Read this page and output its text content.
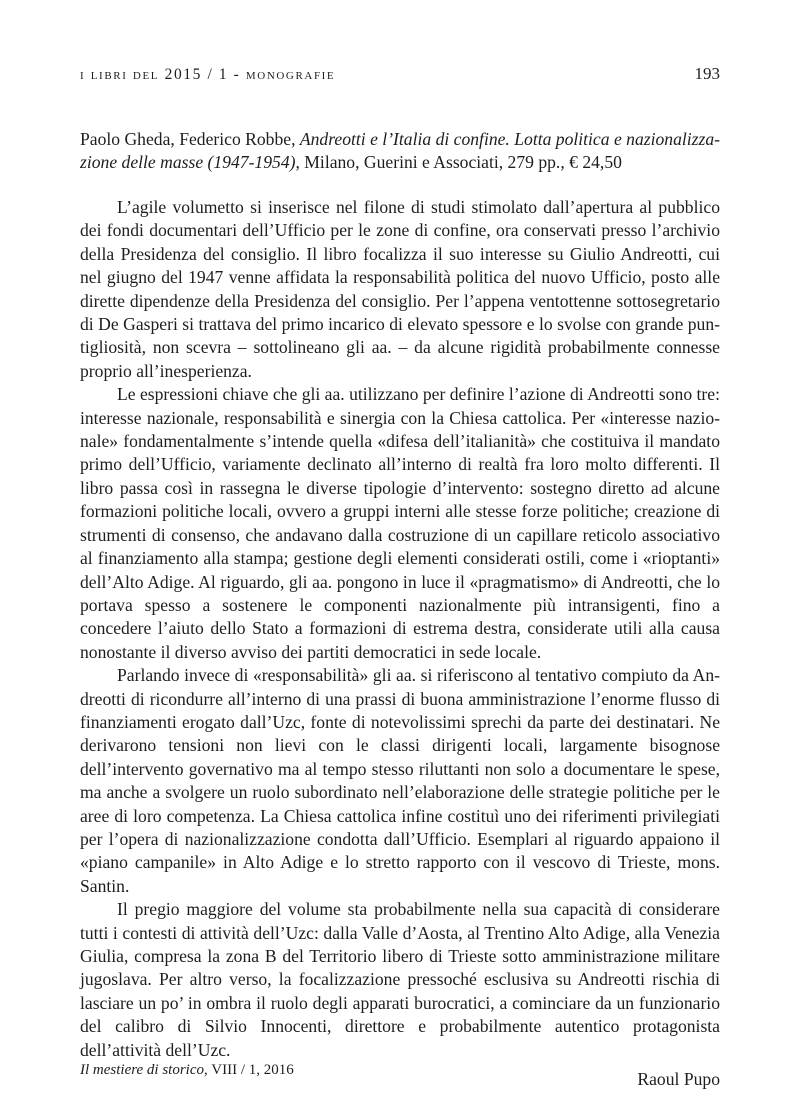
i libri del 2015 / 1 - monografie	193
Paolo Gheda, Federico Robbe, Andreotti e l’Italia di confine. Lotta politica e nazionalizzazione delle masse (1947-1954), Milano, Guerini e Associati, 279 pp., € 24,50

L’agile volumetto si inserisce nel filone di studi stimolato dall’apertura al pubblico dei fondi documentari dell’Ufficio per le zone di confine, ora conservati presso l’archivio della Presidenza del consiglio. Il libro focalizza il suo interesse su Giulio Andreotti, cui nel giugno del 1947 venne affidata la responsabilità politica del nuovo Ufficio, posto alle dirette dipendenze della Presidenza del consiglio. Per l’appena ventottenne sottosegretario di De Gasperi si trattava del primo incarico di elevato spessore e lo svolse con grande puntigliosità, non scevra – sottolineano gli aa. – da alcune rigidità probabilmente connesse proprio all’inesperienza.

Le espressioni chiave che gli aa. utilizzano per definire l’azione di Andreotti sono tre: interesse nazionale, responsabilità e sinergia con la Chiesa cattolica. Per «interesse nazionale» fondamentalmente s’intende quella «difesa dell’italianità» che costituiva il mandato primo dell’Ufficio, variamente declinato all’interno di realtà fra loro molto differenti. Il libro passa così in rassegna le diverse tipologie d’intervento: sostegno diretto ad alcune formazioni politiche locali, ovvero a gruppi interni alle stesse forze politiche; creazione di strumenti di consenso, che andavano dalla costruzione di un capillare reticolo associativo al finanziamento alla stampa; gestione degli elementi considerati ostili, come i «rioptanti» dell’Alto Adige. Al riguardo, gli aa. pongono in luce il «pragmatismo» di Andreotti, che lo portava spesso a sostenere le componenti nazionalmente più intransigenti, fino a concedere l’aiuto dello Stato a formazioni di estrema destra, considerate utili alla causa nonostante il diverso avviso dei partiti democratici in sede locale.

Parlando invece di «responsabilità» gli aa. si riferiscono al tentativo compiuto da Andreotti di ricondurre all’interno di una prassi di buona amministrazione l’enorme flusso di finanziamenti erogato dall’Uzc, fonte di notevolissimi sprechi da parte dei destinatari. Ne derivarono tensioni non lievi con le classi dirigenti locali, largamente bisognose dell’intervento governativo ma al tempo stesso riluttanti non solo a documentare le spese, ma anche a svolgere un ruolo subordinato nell’elaborazione delle strategie politiche per le aree di loro competenza. La Chiesa cattolica infine costituì uno dei riferimenti privilegiati per l’opera di nazionalizzazione condotta dall’Ufficio. Esemplari al riguardo appaiono il «piano campanile» in Alto Adige e lo stretto rapporto con il vescovo di Trieste, mons. Santin.

Il pregio maggiore del volume sta probabilmente nella sua capacità di considerare tutti i contesti di attività dell’Uzc: dalla Valle d’Aosta, al Trentino Alto Adige, alla Venezia Giulia, compresa la zona B del Territorio libero di Trieste sotto amministrazione militare jugoslava. Per altro verso, la focalizzazione pressoché esclusiva su Andreotti rischia di lasciare un po’ in ombra il ruolo degli apparati burocratici, a cominciare da un funzionario del calibro di Silvio Innocenti, direttore e probabilmente autentico protagonista dell’attività dell’Uzc.

Raoul Pupo
Il mestiere di storico, VIII / 1, 2016
